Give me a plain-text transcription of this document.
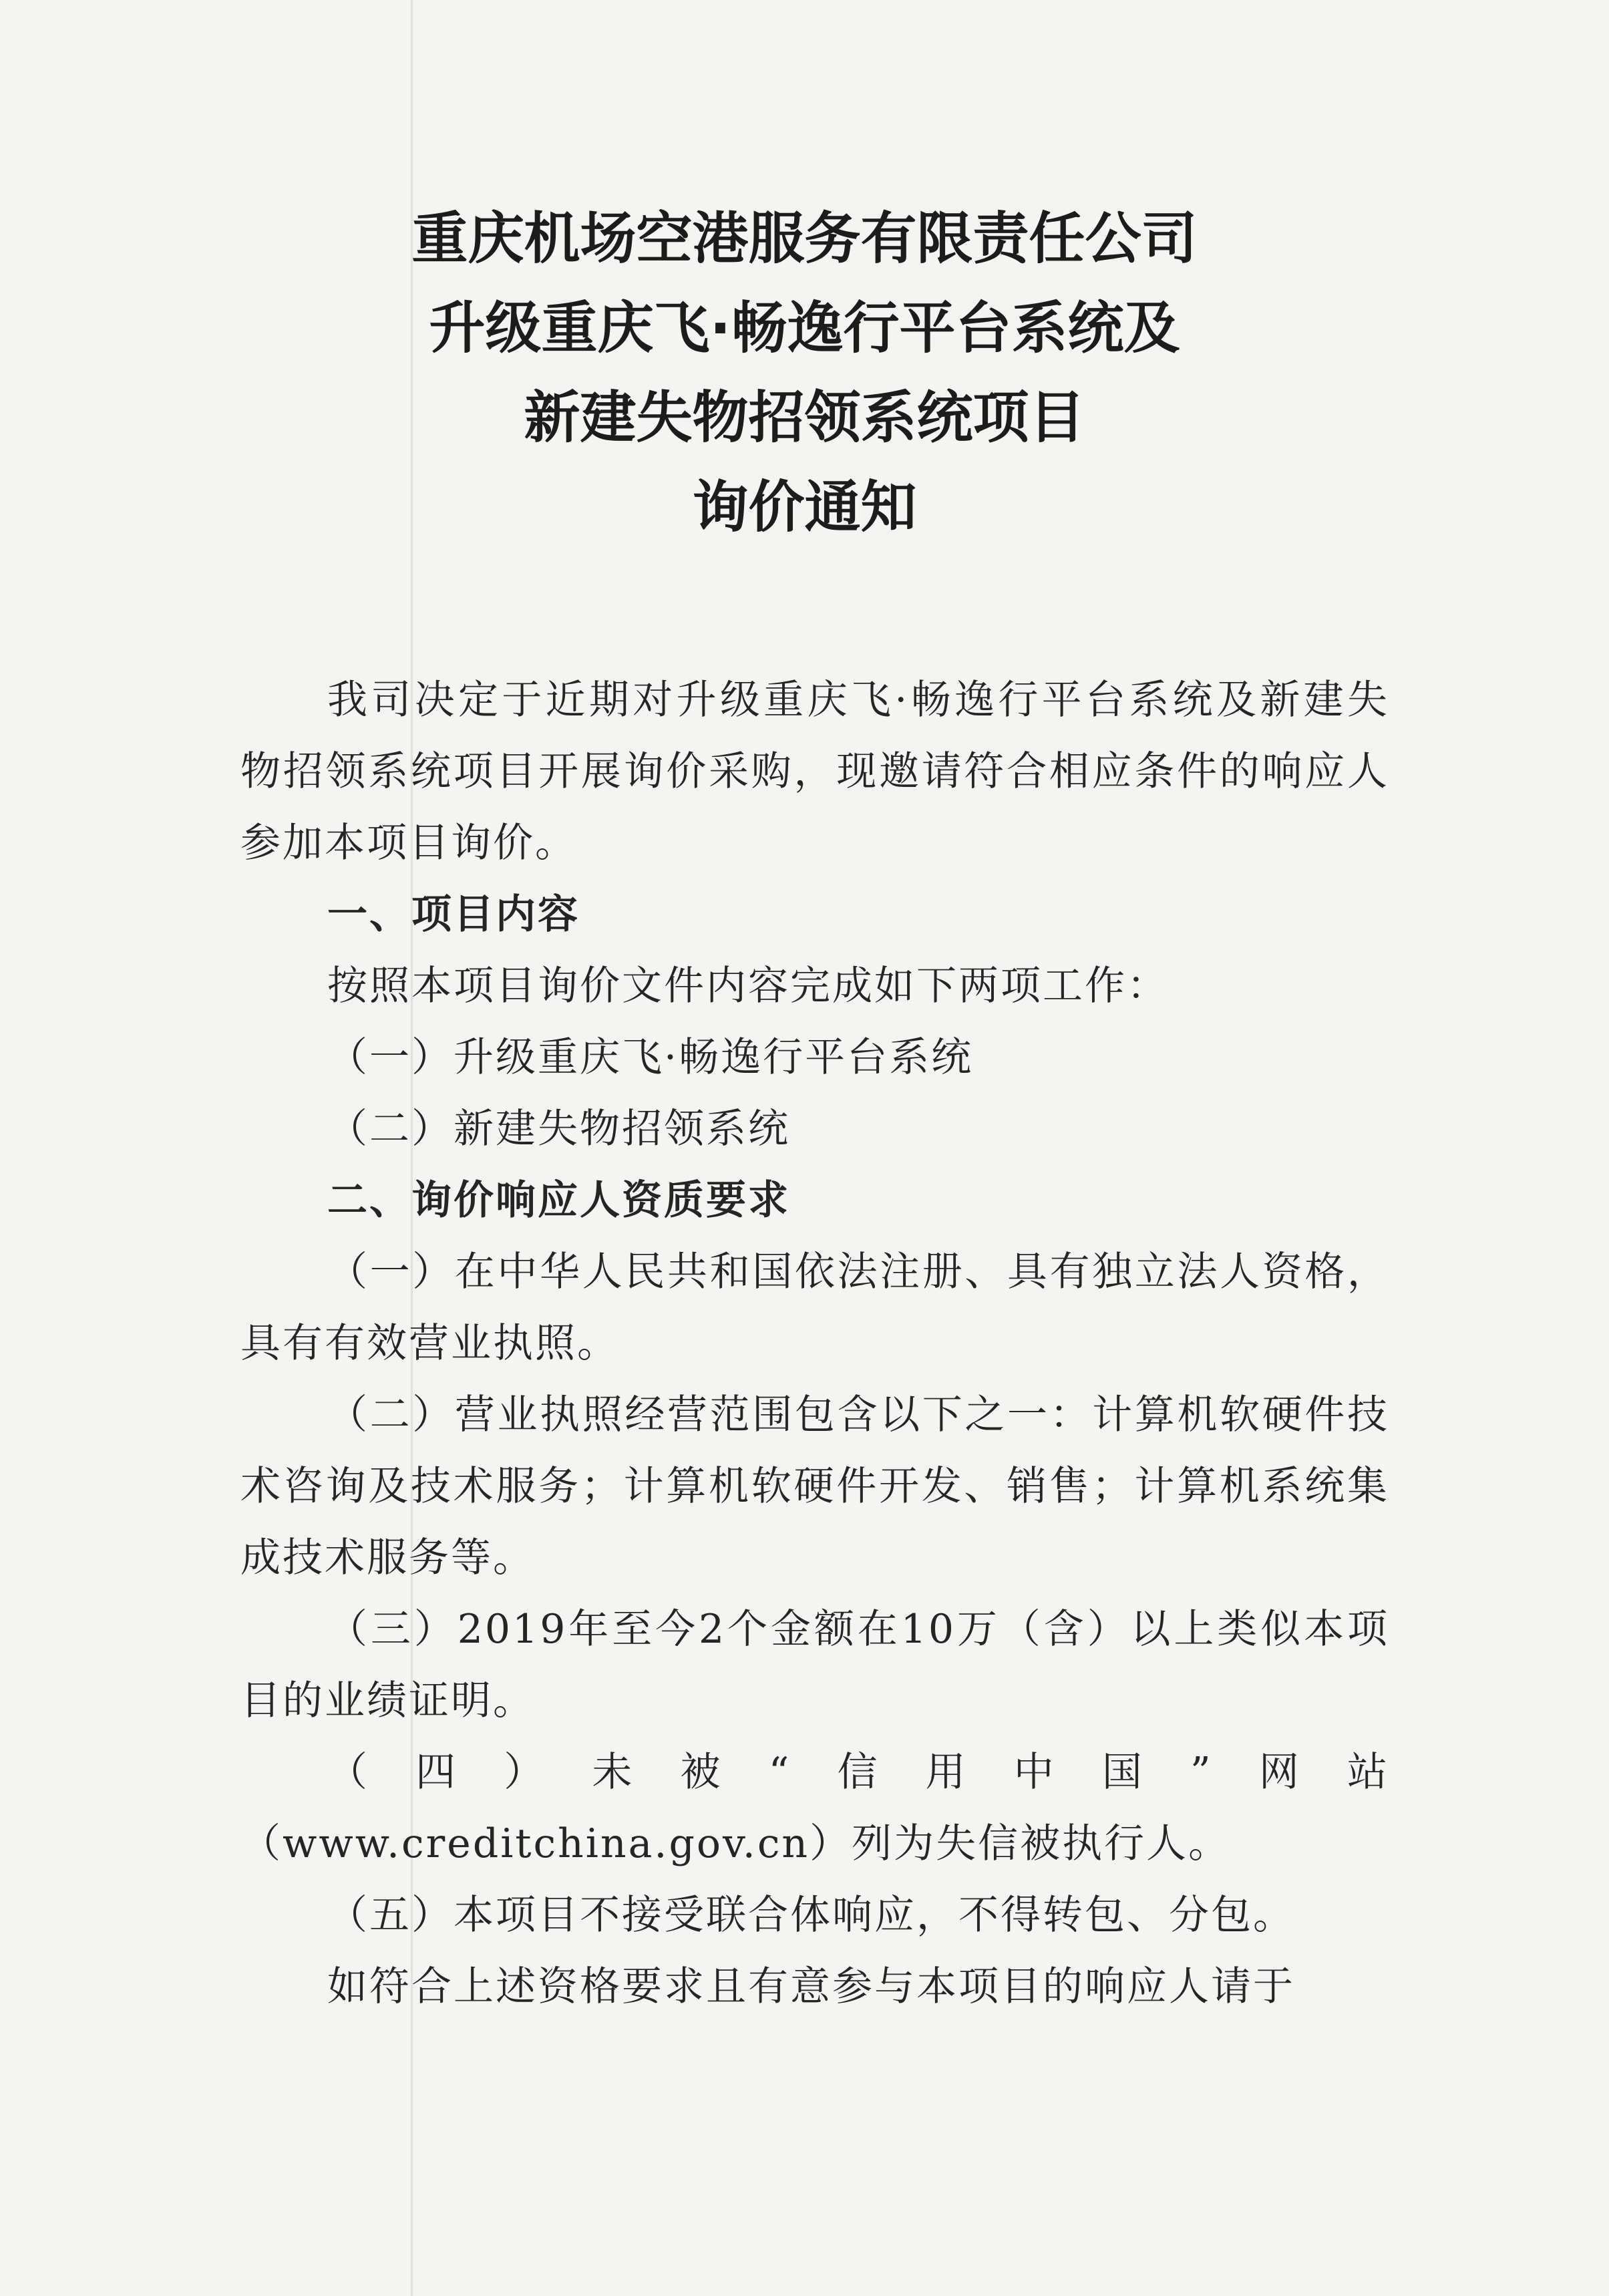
重庆机场空港服务有限责任公司
升级重庆飞·畅逸行平台系统及
新建失物招领系统项目
询价通知

我司决定于近期对升级重庆飞·畅逸行平台系统及新建失物招领系统项目开展询价采购，现邀请符合相应条件的响应人参加本项目询价。

一、项目内容

按照本项目询价文件内容完成如下两项工作：

（一）升级重庆飞·畅逸行平台系统

（二）新建失物招领系统

二、询价响应人资质要求

（一）在中华人民共和国依法注册、具有独立法人资格，具有有效营业执照。

（二）营业执照经营范围包含以下之一：计算机软硬件技术咨询及技术服务；计算机软硬件开发、销售；计算机系统集成技术服务等。

（三）2019年至今2个金额在10万（含）以上类似本项目的业绩证明。

（四）未被“信用中国”网站（www.creditchina.gov.cn）列为失信被执行人。

（五）本项目不接受联合体响应，不得转包、分包。

如符合上述资格要求且有意参与本项目的响应人请于
